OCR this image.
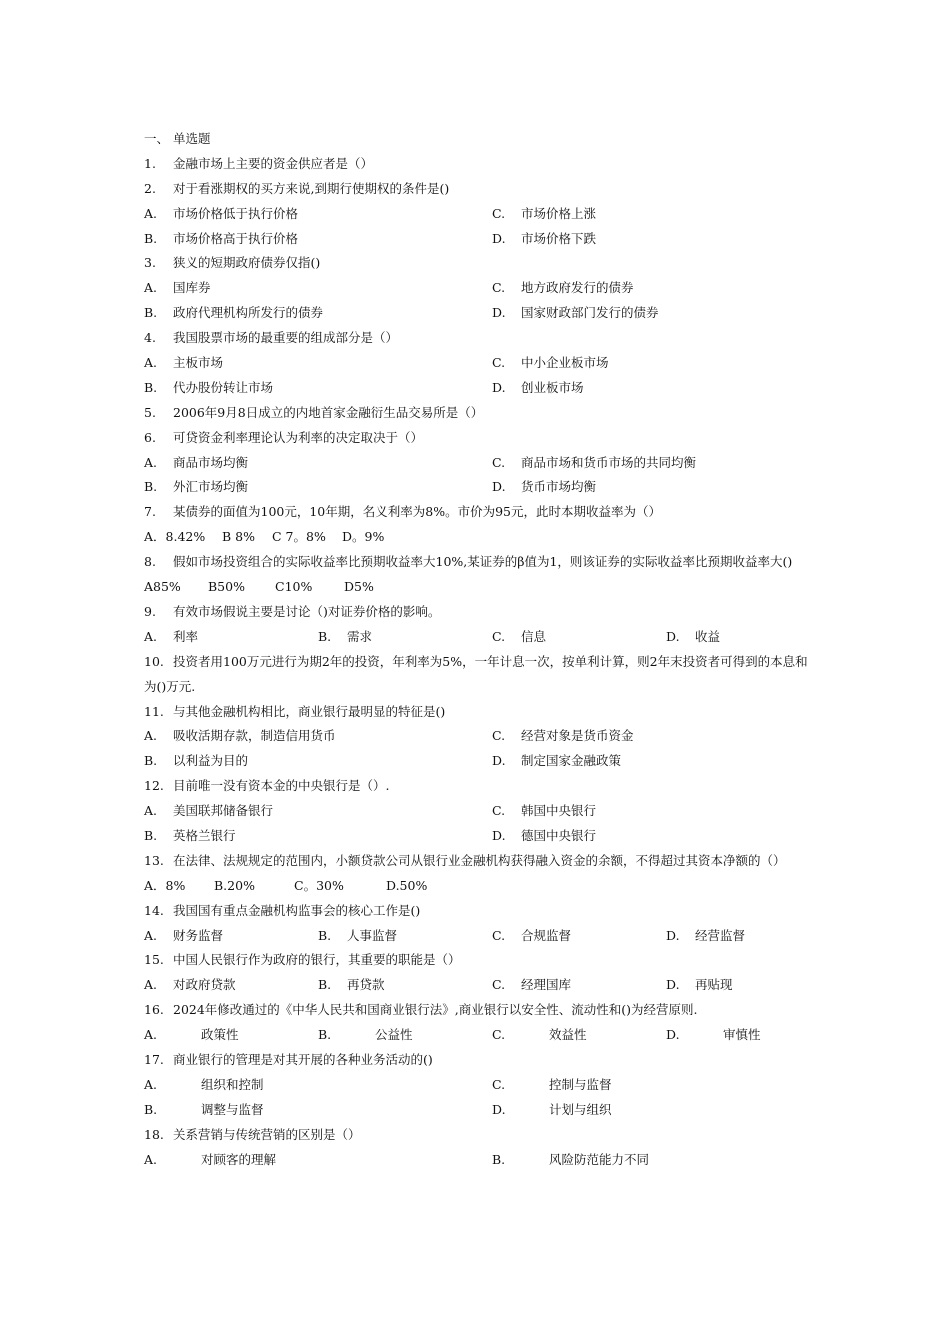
一、 单选题
1. 金融市场上主要的资金供应者是（）
2. 对于看涨期权的买方来说,到期行使期权的条件是()
A. 市场价格低于执行价格	C. 市场价格上涨
B. 市场价格高于执行价格	D. 市场价格下跌
3. 狭义的短期政府债券仅指()
A. 国库券	C. 地方政府发行的债券
B. 政府代理机构所发行的债券	D. 国家财政部门发行的债券
4. 我国股票市场的最重要的组成部分是（）
A. 主板市场	C. 中小企业板市场
B. 代办股份转让市场	D. 创业板市场
5. 2006年9月8日成立的内地首家金融衍生品交易所是（）
6. 可贷资金利率理论认为利率的决定取决于（）
A. 商品市场均衡	C. 商品市场和货币市场的共同均衡
B. 外汇市场均衡	D. 货币市场均衡
7. 某债券的面值为100元，10年期，名义利率为8%。市价为95元，此时本期收益率为（）
A．8.42% B 8% C 7。8% D。9%
8. 假如市场投资组合的实际收益率比预期收益率大10%,某证券的β值为1，则该证券的实际收益率比预期收益率大()
A85% B50% C10%	D5%
9. 有效市场假说主要是讨论（)对证券价格的影响。
A. 利率	B. 需求	C. 信息	D. 收益
10. 投资者用100万元进行为期2年的投资，年利率为5%，一年计息一次，按单利计算，则2年末投资者可得到的本息和为()万元.
11. 与其他金融机构相比，商业银行最明显的特征是()
A. 吸收活期存款，制造信用货币	C. 经营对象是货币资金
B. 以利益为目的	D. 制定国家金融政策
12. 目前唯一没有资本金的中央银行是（）.
A. 美国联邦储备银行	C. 韩国中央银行
B. 英格兰银行	D. 德国中央银行
13. 在法律、法规规定的范围内，小额贷款公司从银行业金融机构获得融入资金的余额，不得超过其资本净额的（）
A．8% B.20%	C。30%	D.50%
14. 我国国有重点金融机构监事会的核心工作是()
A. 财务监督	B. 人事监督	C. 合规监督	D. 经营监督
15. 中国人民银行作为政府的银行，其重要的职能是（）
A. 对政府贷款	B. 再贷款	C. 经理国库	D. 再贴现
16. 2024年修改通过的《中华人民共和国商业银行法》,商业银行以安全性、流动性和()为经营原则.
A.	政策性	B.	公益性	C.	效益性	D.	审慎性
17. 商业银行的管理是对其开展的各种业务活动的()
A.	组织和控制	C.	控制与监督
B.	调整与监督	D.	计划与组织
18. 关系营销与传统营销的区别是（）
A.	对顾客的理解	B.	风险防范能力不同
